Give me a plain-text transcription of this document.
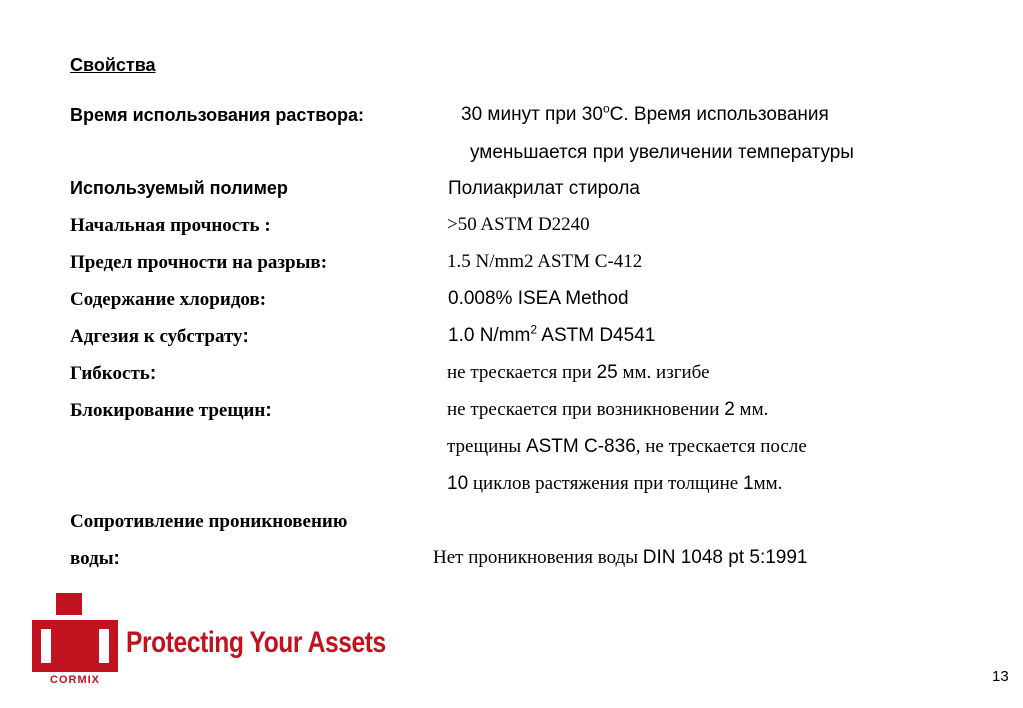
Свойства
Время использования раствора:	30 минут при 30$^o$C. Время использования
уменьшается при увеличении температуры
Используемый полимер	Полиакрилат стирола
Начальная прочность :	>50 ASTM D2240
Предел прочности на разрыв:	1.5 N/mm2 ASTM C-412
Содержание хлоридов:	0.008% ISEA Method
Адгезия к субстрату:	1.0 $N/mm^2$ ASTM D4541
Гибкость:	не трескается при 25 мм. изгибе
Блокирование трещин:	не трескается при возникновении 2 мм.
трещины ASTM C-836, не трескается после
10 циклов растяжения при толщине 1мм.
Сопротивление проникновению
воды:	Нет проникновения воды DIN 1048 pt 5:1991
CORMIX
Protecting Your Assets
13
